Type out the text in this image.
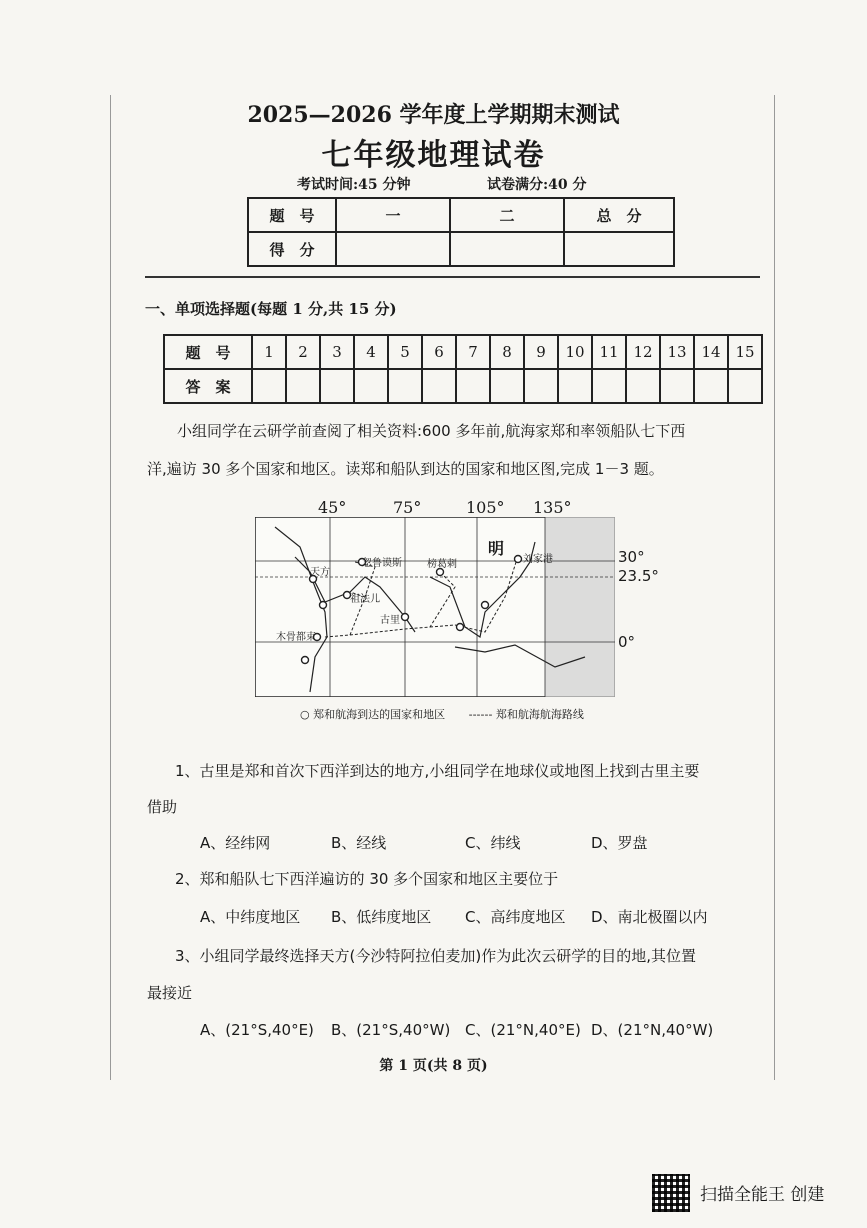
2025—2026 学年度上学期期末测试
七年级地理试卷
考试时间:45 分钟	试卷满分:40 分
题　号	一	二	总　分
得　分			
一、单项选择题(每题 1 分,共 15 分)
题　号	1	2	3	4	5	6	7	8	9	10	11	12	13	14	15
答　案															
小组同学在云研学前查阅了相关资料:600 多年前,航海家郑和率领船队七下西
洋,遍访 30 多个国家和地区。读郑和船队到达的国家和地区图,完成 1－3 题。
45°	75°	105° 135°
天方
忽鲁谟斯	榜葛剌
明
刘家港
祖法儿
古里
木骨都束
30°
23.5°
0°
○ 郑和航海到达的国家和地区 ------ 郑和航海航海路线
1、古里是郑和首次下西洋到达的地方,小组同学在地球仪或地图上找到古里主要
借助
A、经纬网	B、经线	C、纬线	D、罗盘
2、郑和船队七下西洋遍访的 30 多个国家和地区主要位于
A、中纬度地区 B、低纬度地区 C、高纬度地区 D、南北极圈以内
3、小组同学最终选择天方(今沙特阿拉伯麦加)作为此次云研学的目的地,其位置
最接近
A、(21°S,40°E) B、(21°S,40°W) C、(21°N,40°E) D、(21°N,40°W)
第 1 页(共 8 页)
扫描全能王 创建
